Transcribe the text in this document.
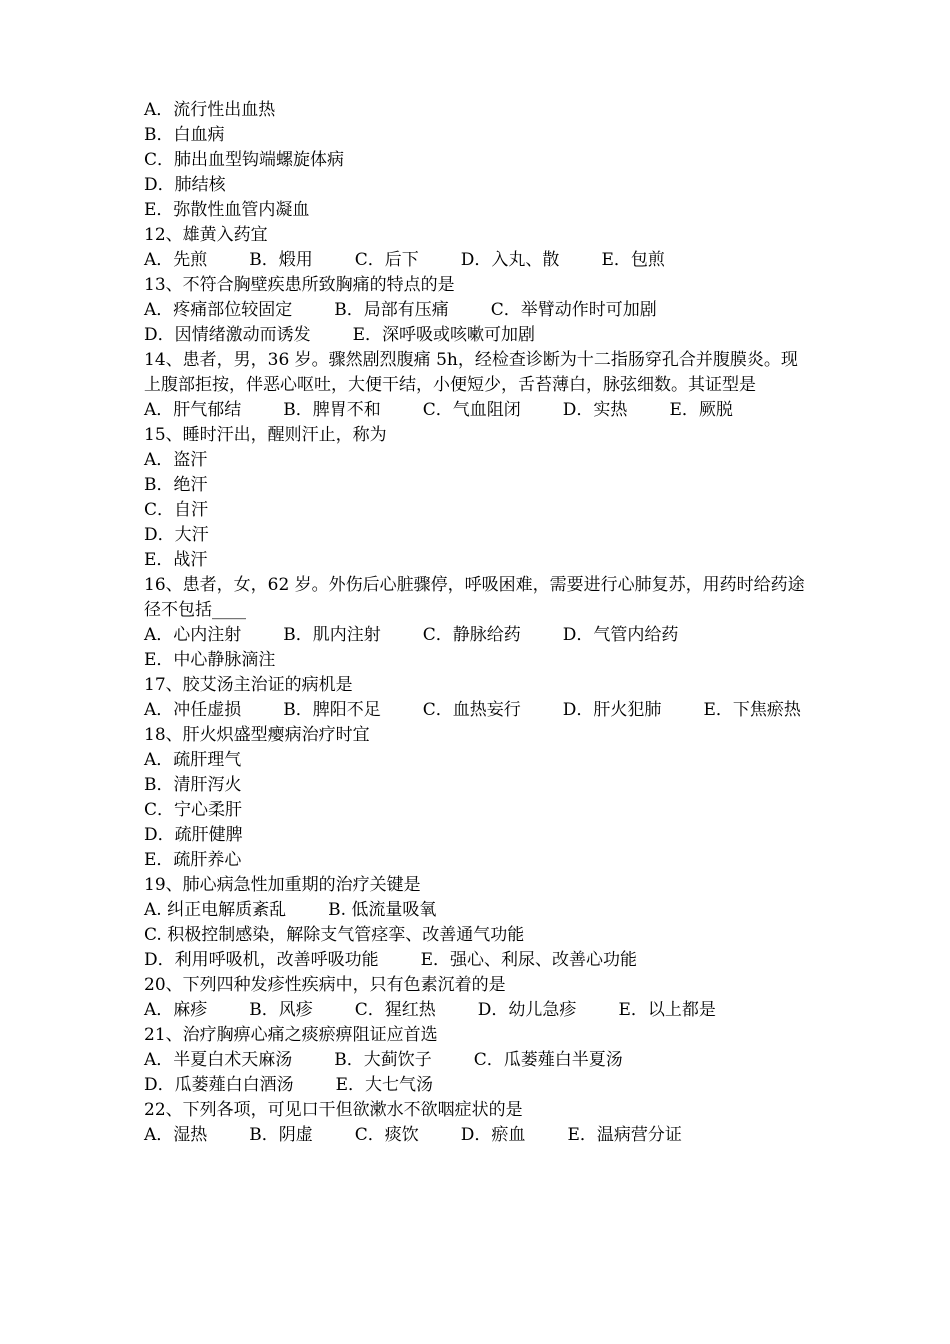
A．流行性出血热
B．白血病
C．肺出血型钩端螺旋体病
D．肺结核
E．弥散性血管内凝血
12、雄黄入药宜
A．先煎 B．煅用 C．后下 D．入丸、散 E．包煎
13、不符合胸壁疾患所致胸痛的特点的是
A．疼痛部位较固定 B．局部有压痛 C．举臂动作时可加剧D．因情绪激动而诱发 E．深呼吸或咳嗽可加剧
14、患者，男，36 岁。骤然剧烈腹痛 5h，经检查诊断为十二指肠穿孔合并腹膜炎。现上腹部拒按，伴恶心呕吐，大便干结，小便短少，舌苔薄白，脉弦细数。其证型是
A．肝气郁结 B．脾胃不和 C．气血阻闭 D．实热 E．厥脱
15、睡时汗出，醒则汗止，称为
A．盗汗
B．绝汗
C．自汗
D．大汗
E．战汗
16、患者，女，62 岁。外伤后心脏骤停，呼吸困难，需要进行心肺复苏，用药时给药途径不包括____
A．心内注射 B．肌内注射 C．静脉给药 D．气管内给药E．中心静脉滴注
17、胶艾汤主治证的病机是
A．冲任虚损 B．脾阳不足 C．血热妄行 D．肝火犯肺 E．下焦瘀热
18、肝火炽盛型瘿病治疗时宜
A．疏肝理气
B．清肝泻火
C．宁心柔肝
D．疏肝健脾
E．疏肝养心
19、肺心病急性加重期的治疗关键是
A. 纠正电解质紊乱 B. 低流量吸氧C. 积极控制感染，解除支气管痉挛、改善通气功能D．利用呼吸机，改善呼吸功能 E．强心、利尿、改善心功能
20、下列四种发疹性疾病中，只有色素沉着的是
A．麻疹 B．风疹 C．猩红热 D．幼儿急疹 E．以上都是
21、治疗胸痹心痛之痰瘀痹阻证应首选
A．半夏白术天麻汤 B．大蓟饮子 C．瓜蒌薤白半夏汤D．瓜蒌薤白白酒汤 E．大七气汤
22、下列各项，可见口干但欲漱水不欲咽症状的是
A．湿热 B．阴虚 C．痰饮 D．瘀血 E．温病营分证
